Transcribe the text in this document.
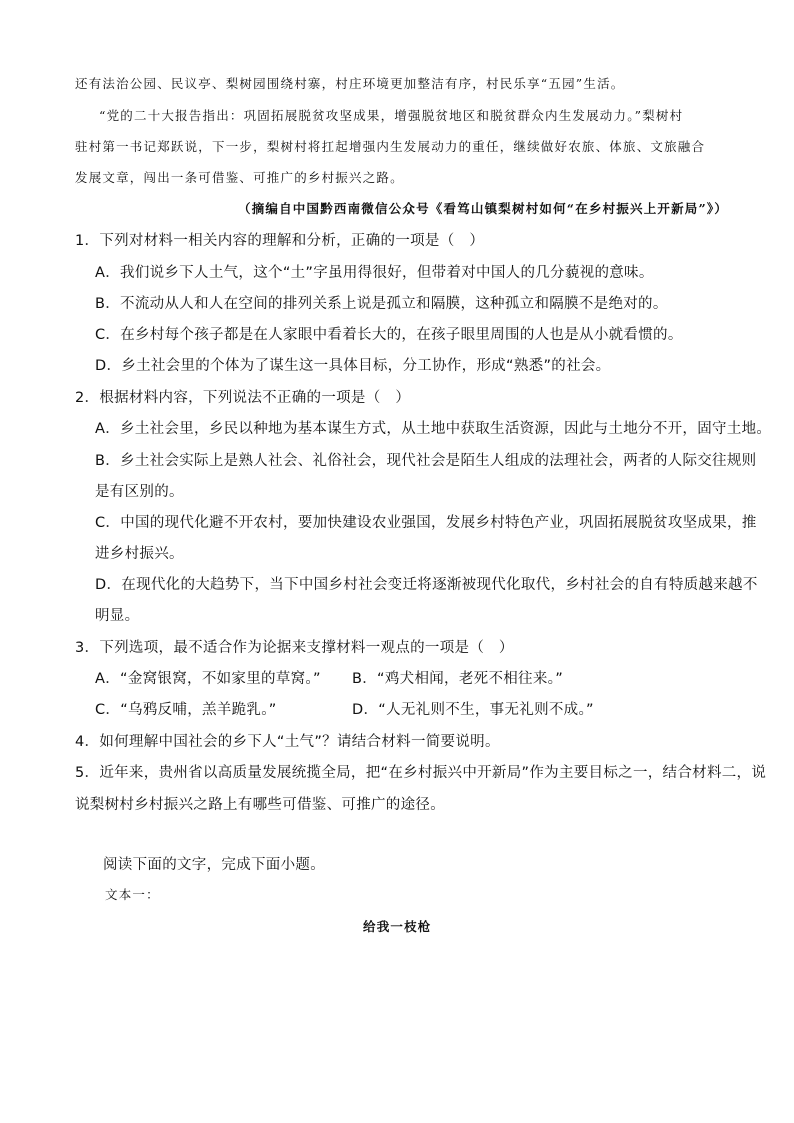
还有法治公园、民议亭、梨树园围绕村寨，村庄环境更加整洁有序，村民乐享“五园”生活。
“党的二十大报告指出：巩固拓展脱贫攻坚成果，增强脱贫地区和脱贫群众内生发展动力。”梨树村
驻村第一书记郑跃说，下一步，梨树村将扛起增强内生发展动力的重任，继续做好农旅、体旅、文旅融合
发展文章，闯出一条可借鉴、可推广的乡村振兴之路。
（摘编自中国黔西南微信公众号《看笃山镇梨树村如何“在乡村振兴上开新局”》）
1．下列对材料一相关内容的理解和分析，正确的一项是（　）
A．我们说乡下人土气，这个“土”字虽用得很好，但带着对中国人的几分藐视的意味。
B．不流动从人和人在空间的排列关系上说是孤立和隔膜，这种孤立和隔膜不是绝对的。
C．在乡村每个孩子都是在人家眼中看着长大的，在孩子眼里周围的人也是从小就看惯的。
D．乡土社会里的个体为了谋生这一具体目标，分工协作，形成“熟悉”的社会。
2．根据材料内容，下列说法不正确的一项是（　）
A．乡土社会里，乡民以种地为基本谋生方式，从土地中获取生活资源，因此与土地分不开，固守土地。
B．乡土社会实际上是熟人社会、礼俗社会，现代社会是陌生人组成的法理社会，两者的人际交往规则
是有区别的。
C．中国的现代化避不开农村，要加快建设农业强国，发展乡村特色产业，巩固拓展脱贫攻坚成果，推
进乡村振兴。
D．在现代化的大趋势下，当下中国乡村社会变迁将逐渐被现代化取代，乡村社会的自有特质越来越不
明显。
3．下列选项，最不适合作为论据来支撑材料一观点的一项是（　）
A．“金窝银窝，不如家里的草窝。” B．“鸡犬相闻，老死不相往来。”
C．“乌鸦反哺，羔羊跪乳。”	D．“人无礼则不生，事无礼则不成。”
4．如何理解中国社会的乡下人“土气”？请结合材料一简要说明。
5．近年来，贵州省以高质量发展统揽全局，把“在乡村振兴中开新局”作为主要目标之一，结合材料二，说
说梨树村乡村振兴之路上有哪些可借鉴、可推广的途径。
阅读下面的文字，完成下面小题。
文本一：
给我一枝枪
